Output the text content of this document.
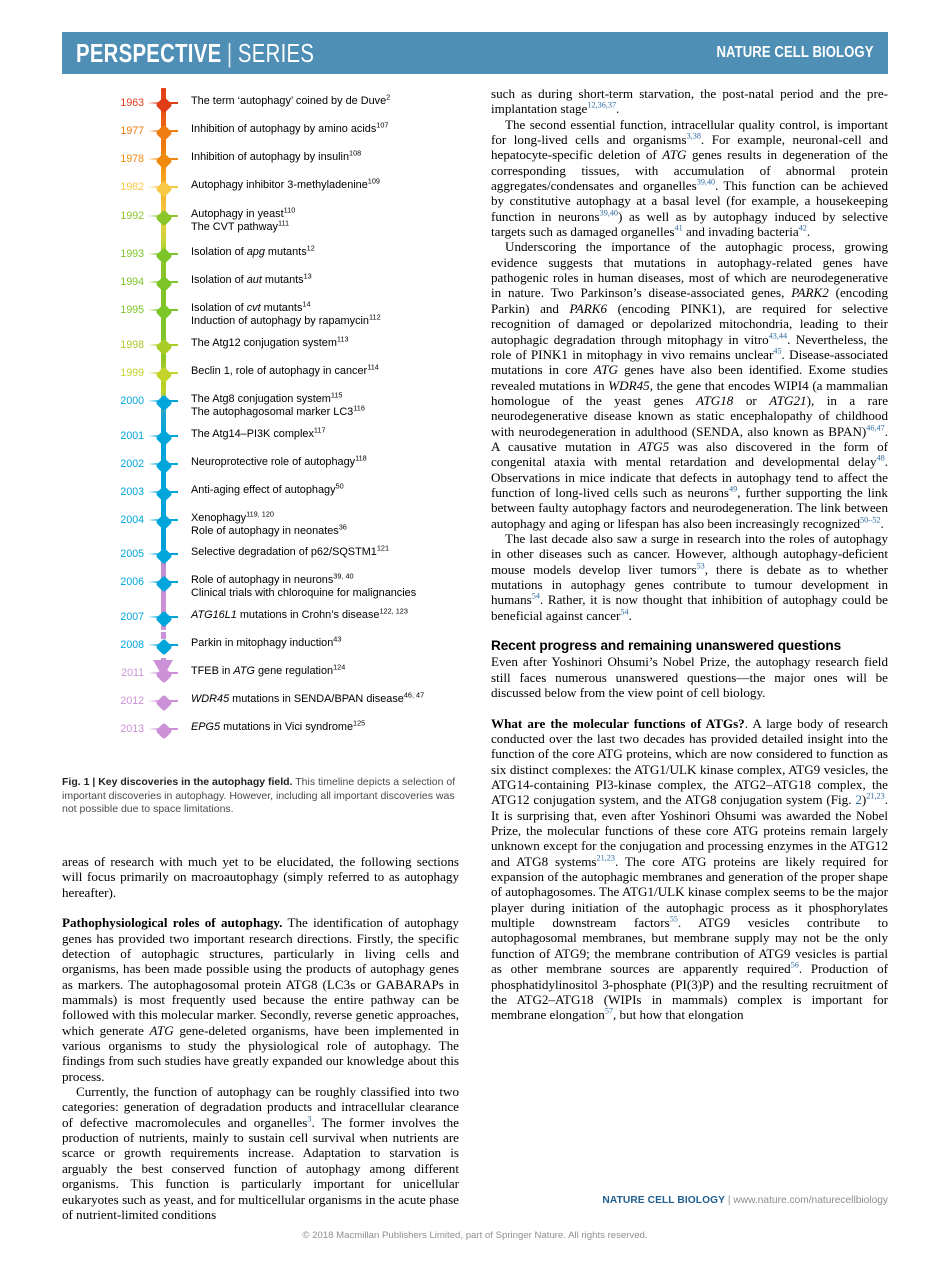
PERSPECTIVE | SERIES	NATURE CELL BIOLOGY
1963	The term ‘autophagy’ coined by de Duve$^2$
1977	Inhibition of autophagy by amino acids$^{107}$
1978	Inhibition of autophagy by insulin$^{108}$
1982	Autophagy inhibitor 3-methyladenine$^{109}$
1992	Autophagy in yeast$^{110}$
The CVT pathway$^{111}$
1993	Isolation of apg mutants$^{12}$
1994	Isolation of aut mutants$^{13}$
1995	Isolation of cvt mutants$^{14}$
Induction of autophagy by rapamycin$^{112}$
1998	The Atg12 conjugation system$^{113}$
1999	Beclin 1, role of autophagy in cancer$^{114}$
2000	The Atg8 conjugation system$^{115}$
The autophagosomal marker $LC3^{116}$
2001	The Atg14–PI3K complex$^{117}$
2002	Neuroprotective role of autophagy$^{118}$
2003	Anti-aging effect of autophagy$^{50}$
2004	Xenophagy$^{119, 120}$
Role of autophagy in neonates$^{36}$
2005	Selective degradation of $p62/SQSTM1^{121}$
2006	Role of autophagy in neurons$^{39, 40}$
Clinical trials with chloroquine for malignancies
2007	ATG16L1 mutations in Crohn’s disease$^{122, 123}$
2008	Parkin in mitophagy induction$^{43}$
2011	TFEB in ATG gene regulation$^{124}$
2012	WDR45 mutations in SENDA/BPAN disease$^{46, 47}$
2013	EPG5 mutations in Vici syndrome$^{125}$
Fig. 1 | Key discoveries in the autophagy field. This timeline depicts a selection of important discoveries in autophagy. However, including all important discoveries was not possible due to space limitations.

areas of research with much yet to be elucidated, the following sections will focus primarily on macroautophagy (simply referred to as autophagy hereafter).

Pathophysiological roles of autophagy. The identification of autophagy genes has provided two important research directions. Firstly, the specific detection of autophagic structures, particularly in living cells and organisms, has been made possible using the products of autophagy genes as markers. The autophagosomal protein ATG8 (LC3s or GABARAPs in mammals) is most frequently used because the entire pathway can be followed with this molecular marker. Secondly, reverse genetic approaches, which generate ATG gene-deleted organisms, have been implemented in various organisms to study the physiological role of autophagy. The findings from such studies have greatly expanded our knowledge about this process.

Currently, the function of autophagy can be roughly classified into two categories: generation of degradation products and intracellular clearance of defective macromolecules and organelles$^3$. The former involves the production of nutrients, mainly to sustain cell survival when nutrients are scarce or growth requirements increase. Adaptation to starvation is arguably the best conserved function of autophagy among different organisms. This function is particularly important for unicellular eukaryotes such as yeast, and for multicellular organisms in the acute phase of nutrient-limited conditions

such as during short-term starvation, the post-natal period and the pre-implantation stage$^{12,36,37}$.

The second essential function, intracellular quality control, is important for long-lived cells and organisms$^{3,38}$. For example, neuronal-cell and hepatocyte-specific deletion of ATG genes results in degeneration of the corresponding tissues, with accumulation of abnormal protein aggregates/condensates and organelles$^{39,40}$. This function can be achieved by constitutive autophagy at a basal level (for example, a housekeeping function in neurons$^{39,40}$) as well as by autophagy induced by selective targets such as damaged organelles$^{41}$ and invading bacteria$^{42}$.

Underscoring the importance of the autophagic process, growing evidence suggests that mutations in autophagy-related genes have pathogenic roles in human diseases, most of which are neurodegenerative in nature. Two Parkinson’s disease-associated genes, PARK2 (encoding Parkin) and PARK6 (encoding PINK1), are required for selective recognition of damaged or depolarized mitochondria, leading to their autophagic degradation through mitophagy in vitro$^{43,44}$. Nevertheless, the role of PINK1 in mitophagy in vivo remains unclear$^{45}$. Disease-associated mutations in core ATG genes have also been identified. Exome studies revealed mutations in WDR45, the gene that encodes WIPI4 (a mammalian homologue of the yeast genes ATG18 or ATG21), in a rare neurodegenerative disease known as static encephalopathy of childhood with neurodegeneration in adulthood (SENDA, also known as BPAN)$^{46,47}$. A causative mutation in ATG5 was also discovered in the form of congenital ataxia with mental retardation and developmental delay$^{48}$. Observations in mice indicate that defects in autophagy tend to affect the function of long-lived cells such as neurons$^{49}$, further supporting the link between faulty autophagy factors and neurodegeneration. The link between autophagy and aging or lifespan has also been increasingly recognized$^{50-52}$.

The last decade also saw a surge in research into the roles of autophagy in other diseases such as cancer. However, although autophagy-deficient mouse models develop liver tumors$^{53}$, there is debate as to whether mutations in autophagy genes contribute to tumour development in humans$^{54}$. Rather, it is now thought that inhibition of autophagy could be beneficial against cancer$^{54}$.

Recent progress and remaining unanswered questions

Even after Yoshinori Ohsumi’s Nobel Prize, the autophagy research field still faces numerous unanswered questions—the major ones will be discussed below from the view point of cell biology.

What are the molecular functions of ATGs?. A large body of research conducted over the last two decades has provided detailed insight into the function of the core ATG proteins, which are now considered to function as six distinct complexes: the ATG1/ULK kinase complex, ATG9 vesicles, the ATG14-containing PI3-kinase complex, the ATG2–ATG18 complex, the ATG12 conjugation system, and the ATG8 conjugation system (Fig. 2)$^{21,23}$. It is surprising that, even after Yoshinori Ohsumi was awarded the Nobel Prize, the molecular functions of these core ATG proteins remain largely unknown except for the conjugation and processing enzymes in the ATG12 and ATG8 systems$^{21,23}$. The core ATG proteins are likely required for expansion of the autophagic membranes and generation of the proper shape of autophagosomes. The ATG1/ULK kinase complex seems to be the major player during initiation of the autophagic process as it phosphorylates multiple downstream factors$^{55}$. ATG9 vesicles contribute to autophagosomal membranes, but membrane supply may not be the only function of ATG9; the membrane contribution of ATG9 vesicles is partial as other membrane sources are apparently required$^{56}$. Production of phosphatidylinositol 3-phosphate (PI(3)P) and the resulting recruitment of the ATG2–ATG18 (WIPIs in mammals) complex is important for membrane elongation$^{57}$, but how that elongation

NATURE CELL BIOLOGY | www.nature.com/naturecellbiology
© 2018 Macmillan Publishers Limited, part of Springer Nature. All rights reserved.
